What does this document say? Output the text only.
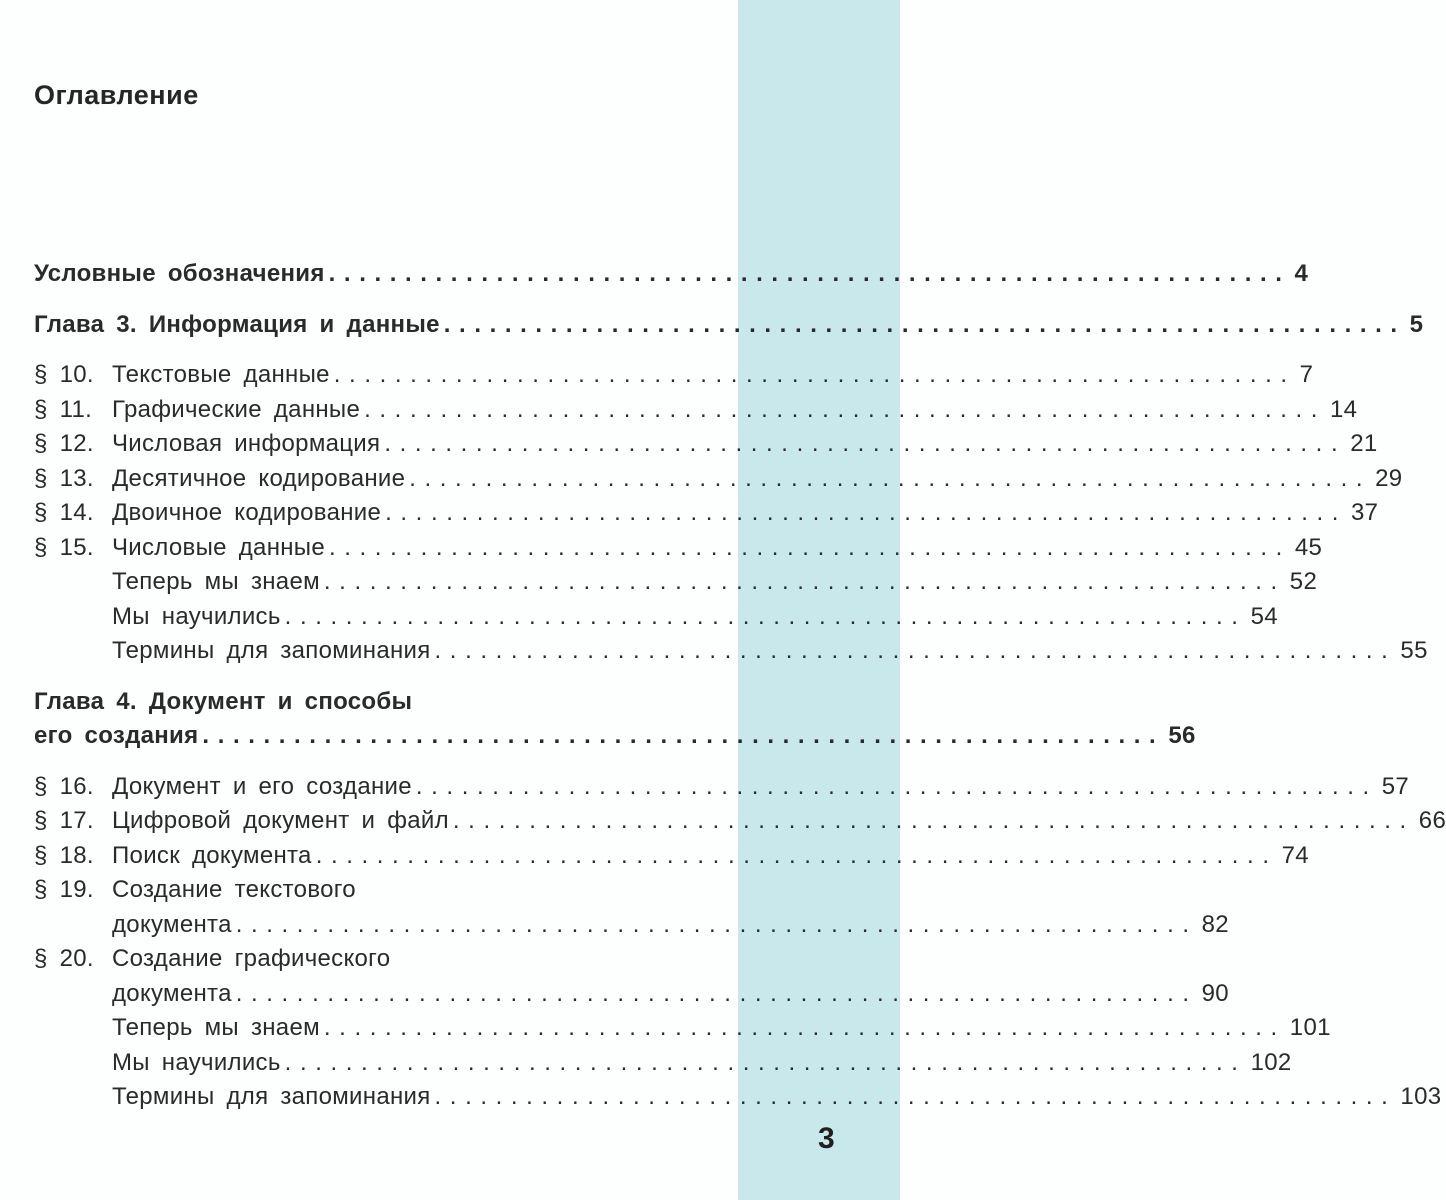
Оглавление
Условные обозначения ............................................................... 4
Глава 3. Информация и данные ............................................................... 5
§ 10. Текстовые данные ............................................................... 7
§ 11. Графические данные ............................................................... 14
§ 12. Числовая информация ............................................................... 21
§ 13. Десятичное кодирование ............................................................... 29
§ 14. Двоичное кодирование ............................................................... 37
§ 15. Числовые данные ............................................................... 45
Теперь мы знаем ............................................................... 52
Мы научились ............................................................... 54
Термины для запоминания ............................................................... 55
Глава 4. Документ и способы
его создания ............................................................... 56
§ 16. Документ и его создание ............................................................... 57
§ 17. Цифровой документ и файл ............................................................... 66
§ 18. Поиск документа ............................................................... 74
§ 19. Создание текстового
документа ............................................................... 82
§ 20. Создание графического
документа ............................................................... 90
Теперь мы знаем ............................................................... 101
Мы научились ............................................................... 102
Термины для запоминания ............................................................... 103
3
